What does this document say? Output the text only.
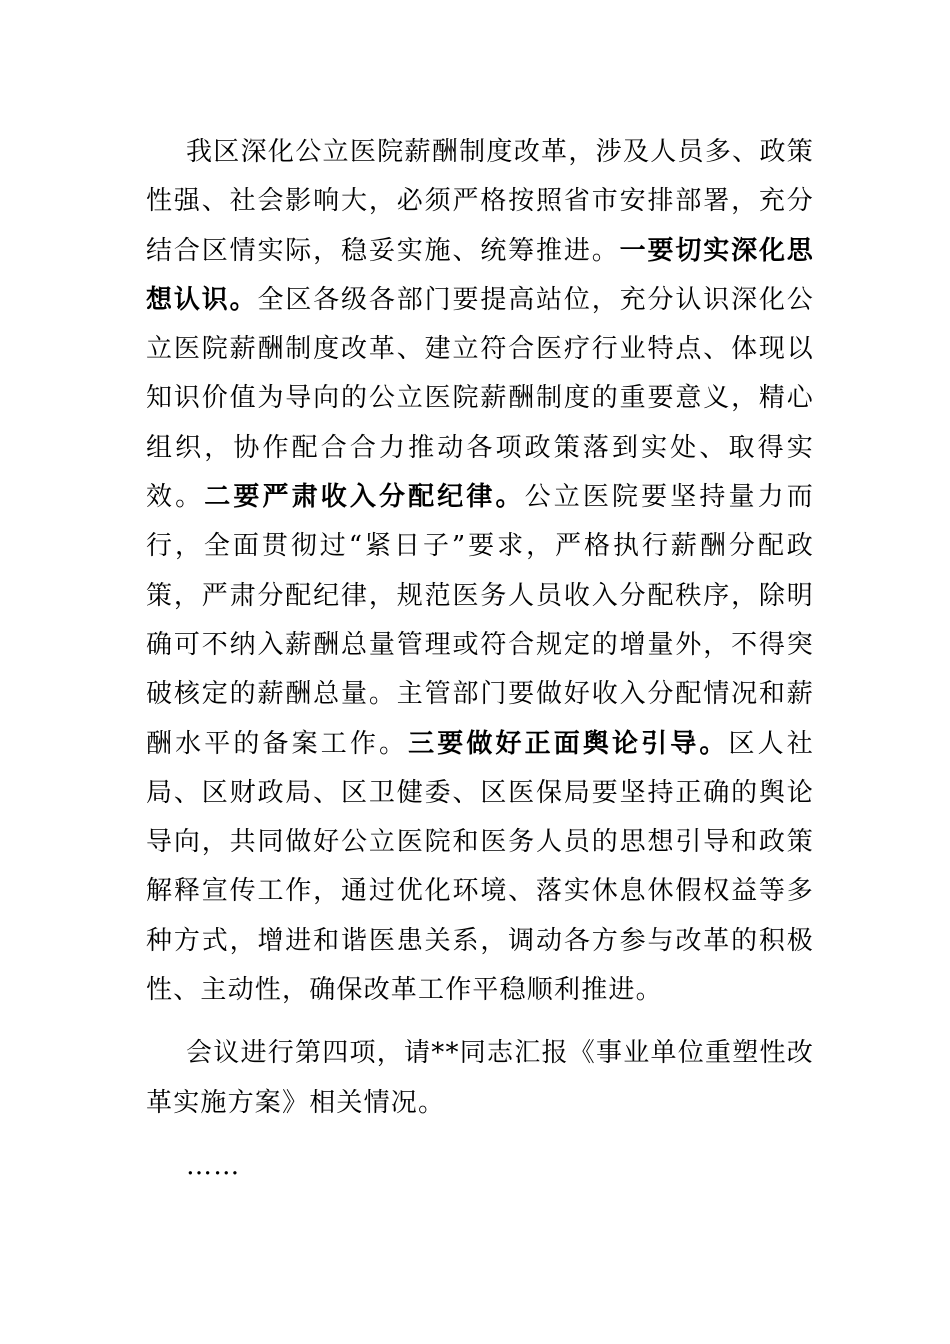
我区深化公立医院薪酬制度改革，涉及人员多、政策性强、社会影响大，必须严格按照省市安排部署，充分结合区情实际，稳妥实施、统筹推进。一要切实深化思想认识。全区各级各部门要提高站位，充分认识深化公立医院薪酬制度改革、建立符合医疗行业特点、体现以知识价值为导向的公立医院薪酬制度的重要意义，精心组织，协作配合合力推动各项政策落到实处、取得实效。二要严肃收入分配纪律。公立医院要坚持量力而行，全面贯彻过“紧日子”要求，严格执行薪酬分配政策，严肃分配纪律，规范医务人员收入分配秩序，除明确可不纳入薪酬总量管理或符合规定的增量外，不得突破核定的薪酬总量。主管部门要做好收入分配情况和薪酬水平的备案工作。三要做好正面舆论引导。区人社局、区财政局、区卫健委、区医保局要坚持正确的舆论导向，共同做好公立医院和医务人员的思想引导和政策解释宣传工作，通过优化环境、落实休息休假权益等多种方式，增进和谐医患关系，调动各方参与改革的积极性、主动性，确保改革工作平稳顺利推进。

会议进行第四项，请**同志汇报《事业单位重塑性改革实施方案》相关情况。

……
